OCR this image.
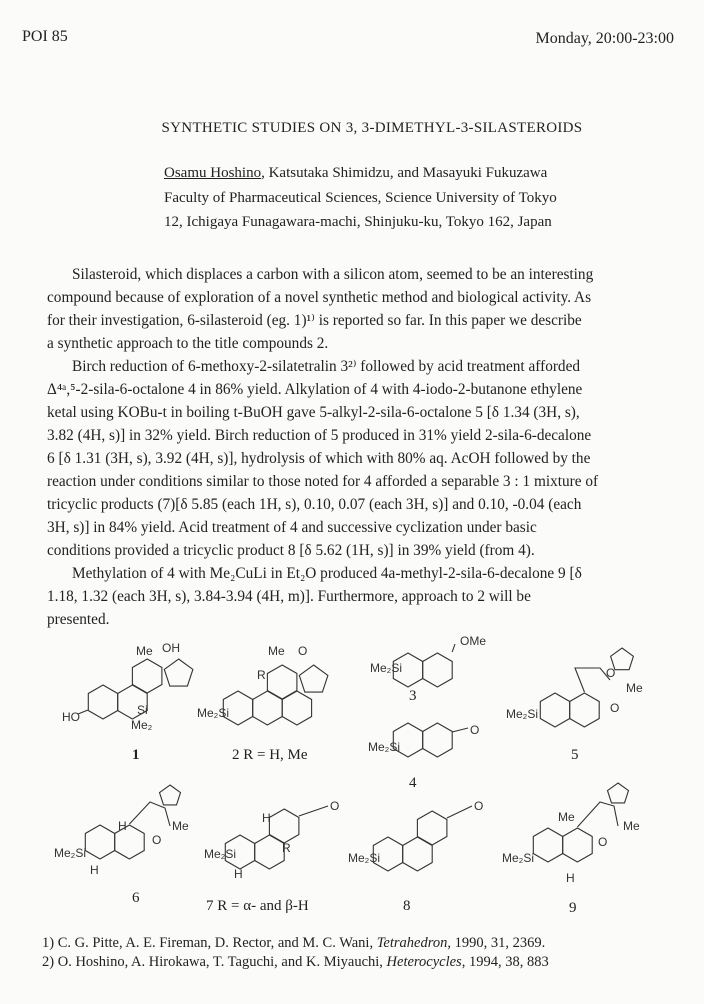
POI 85	Monday, 20:00-23:00
SYNTHETIC STUDIES ON 3, 3-DIMETHYL-3-SILASTEROIDS
Osamu Hoshino, Katsutaka Shimidzu, and Masayuki Fukuzawa
Faculty of Pharmaceutical Sciences, Science University of Tokyo
12, Ichigaya Funagawara-machi, Shinjuku-ku, Tokyo 162, Japan
Silasteroid, which displaces a carbon with a silicon atom, seemed to be an interesting
compound because of exploration of a novel synthetic method and biological activity. As
for their investigation, 6-silasteroid (eg. 1)¹⁾ is reported so far. In this paper we describe
a synthetic approach to the title compounds 2.
Birch reduction of 6-methoxy-2-silatetralin 3²⁾ followed by acid treatment afforded
Δ⁴ᵃ,⁵-2-sila-6-octalone 4 in 86% yield. Alkylation of 4 with 4-iodo-2-butanone ethylene
ketal using KOBu-t in boiling t-BuOH gave 5-alkyl-2-sila-6-octalone 5 [δ 1.34 (3H, s),
3.82 (4H, s)] in 32% yield. Birch reduction of 5 produced in 31% yield 2-sila-6-decalone
6 [δ 1.31 (3H, s), 3.92 (4H, s)], hydrolysis of which with 80% aq. AcOH followed by the
reaction under conditions similar to those noted for 4 afforded a separable 3 : 1 mixture of
tricyclic products (7)[δ 5.85 (each 1H, s), 0.10, 0.07 (each 3H, s)] and 0.10, -0.04 (each
3H, s)] in 84% yield. Acid treatment of 4 and successive cyclization under basic
conditions provided a tricyclic product 8 [δ 5.62 (1H, s)] in 39% yield (from 4).
Methylation of 4 with Me₂CuLi in Et₂O produced 4a-methyl-2-sila-6-decalone 9 [δ
1.18, 1.32 (each 3H, s), 3.84-3.94 (4H, m)]. Furthermore, approach to 2 will be
presented.
Me OH
HO	Si
Me₂
1
Me O
R
Me₂Si
2 R = H, Me
OMe
Me₂Si
3
O
Me₂Si
4
O
Me
O
Me₂Si
5
H	Me
O
Me₂Si
H
6
H
O
R
Me₂Si
H
7 R = α- and β-H
O
Me₂Si
8
Me
Me
O
Me₂Si
H
9
1) C. G. Pitte, A. E. Fireman, D. Rector, and M. C. Wani, Tetrahedron, 1990, 31, 2369.
2) O. Hoshino, A. Hirokawa, T. Taguchi, and K. Miyauchi, Heterocycles, 1994, 38, 883
